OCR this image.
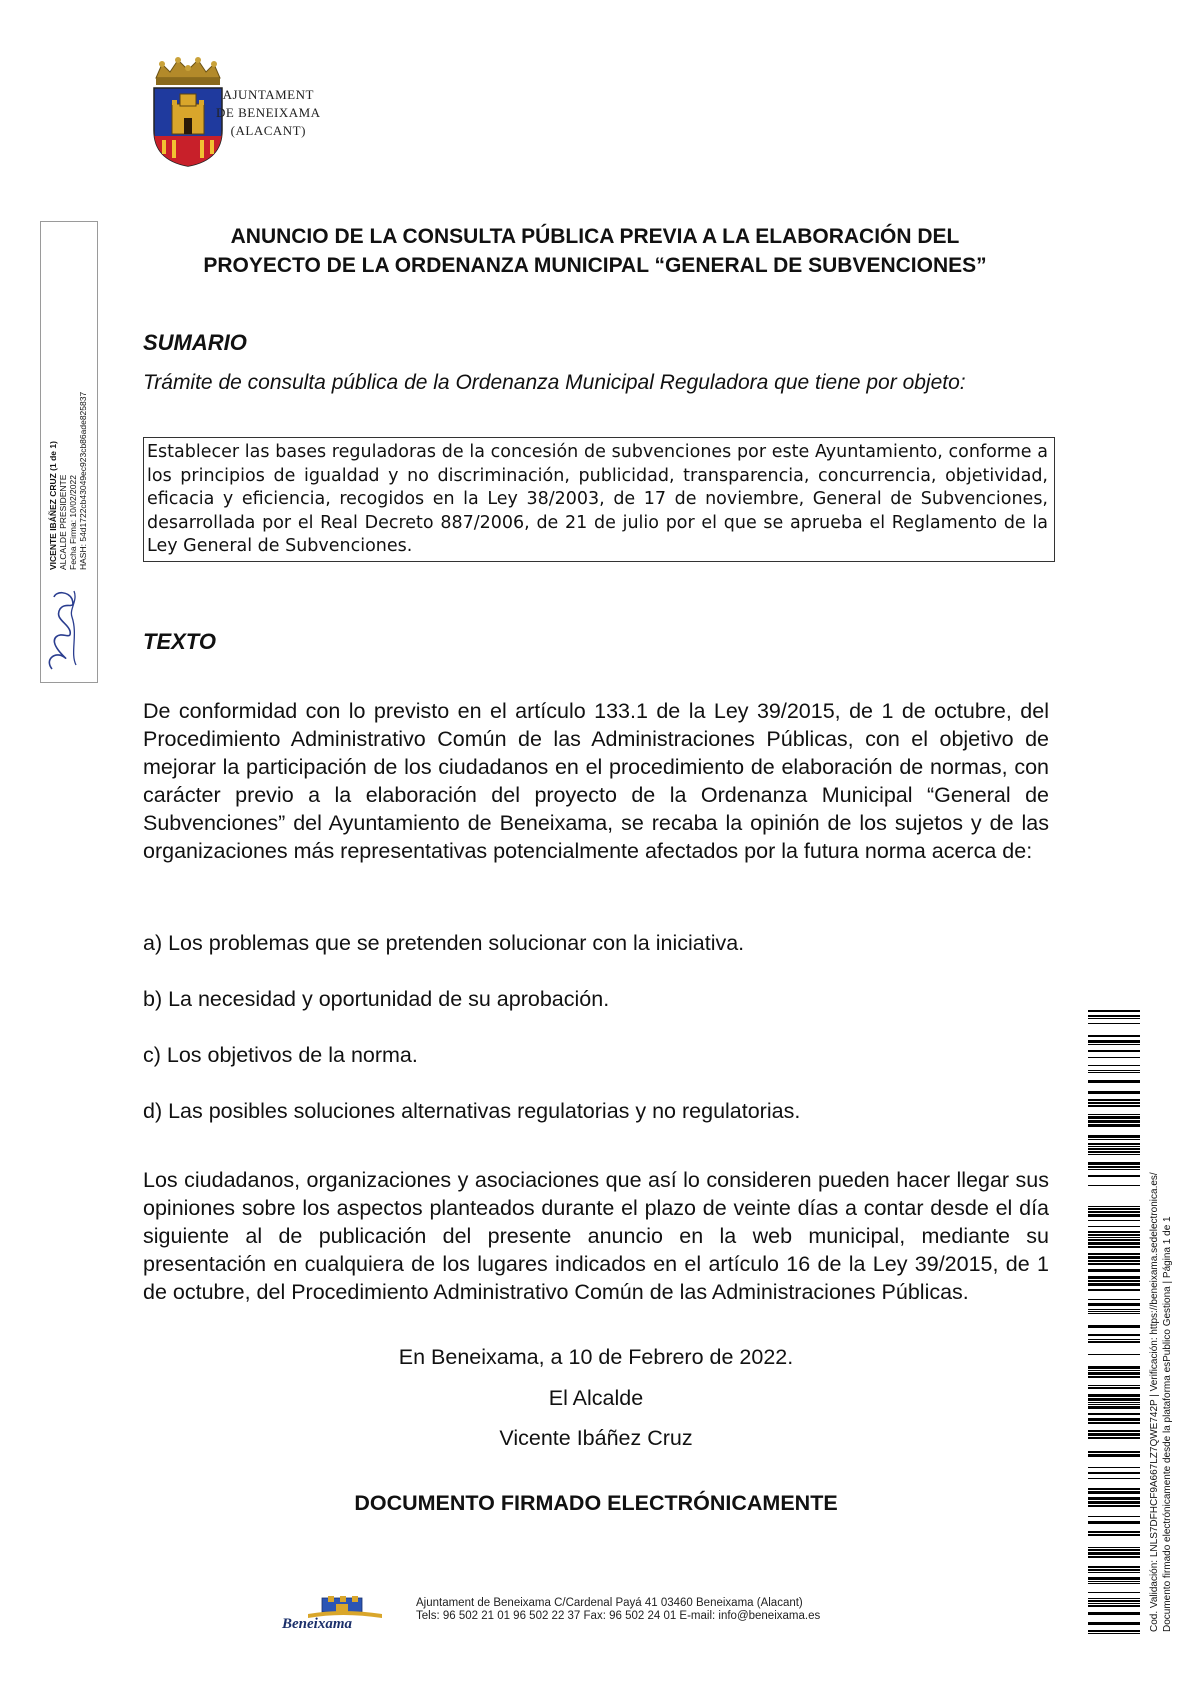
AJUNTAMENT
DE BENEIXAMA
(ALACANT)
VICENTE IBÁÑEZ CRUZ (1 de 1) ALCALDE PRESIDENTE Fecha Firma: 10/02/2022 HASH: 54d1722cb43049ec923cb86ade825837
ANUNCIO DE LA CONSULTA PÚBLICA PREVIA A LA ELABORACIÓN DEL
PROYECTO DE LA ORDENANZA MUNICIPAL “GENERAL DE SUBVENCIONES”
SUMARIO
Trámite de consulta pública de la Ordenanza Municipal Reguladora que tiene por objeto:
Establecer las bases reguladoras de la concesión de subvenciones por este Ayuntamiento, conforme a los principios de igualdad y no discriminación, publicidad, transparencia, concurrencia, objetividad, eficacia y eficiencia, recogidos en la Ley 38/2003, de 17 de noviembre, General de Subvenciones, desarrollada por el Real Decreto 887/2006, de 21 de julio por el que se aprueba el Reglamento de la Ley General de Subvenciones.
TEXTO
De conformidad con lo previsto en el artículo 133.1 de la Ley 39/2015, de 1 de octubre, del Procedimiento Administrativo Común de las Administraciones Públicas, con el objetivo de mejorar la participación de los ciudadanos en el procedimiento de elaboración de normas, con carácter previo a la elaboración del proyecto de la Ordenanza Municipal “General de Subvenciones” del Ayuntamiento de Beneixama, se recaba la opinión de los sujetos y de las organizaciones más representativas potencialmente afectados por la futura norma acerca de:
a) Los problemas que se pretenden solucionar con la iniciativa.
b) La necesidad y oportunidad de su aprobación.
c) Los objetivos de la norma.
d) Las posibles soluciones alternativas regulatorias y no regulatorias.
Los ciudadanos, organizaciones y asociaciones que así lo consideren pueden hacer llegar sus opiniones sobre los aspectos planteados durante el plazo de veinte días a contar desde el día siguiente al de publicación del presente anuncio en la web municipal, mediante su presentación en cualquiera de los lugares indicados en el artículo 16 de la Ley 39/2015, de 1 de octubre, del Procedimiento Administrativo Común de las Administraciones Públicas.
En Beneixama, a 10 de Febrero de 2022.
El Alcalde
Vicente Ibáñez Cruz
DOCUMENTO FIRMADO ELECTRÓNICAMENTE
Beneixama
Ajuntament de Beneixama C/Cardenal Payá 41 03460 Beneixama (Alacant)
Tels: 96 502 21 01 96 502 22 37 Fax: 96 502 24 01 E-mail: info@beneixama.es	Cod. Validación: LNLS7DFHCF9A667LZ7QWE742P | Verificación: https://beneixama.sedelectronica.es/ Documento firmado electrónicamente desde la plataforma esPublico Gestiona | Página 1 de 1
